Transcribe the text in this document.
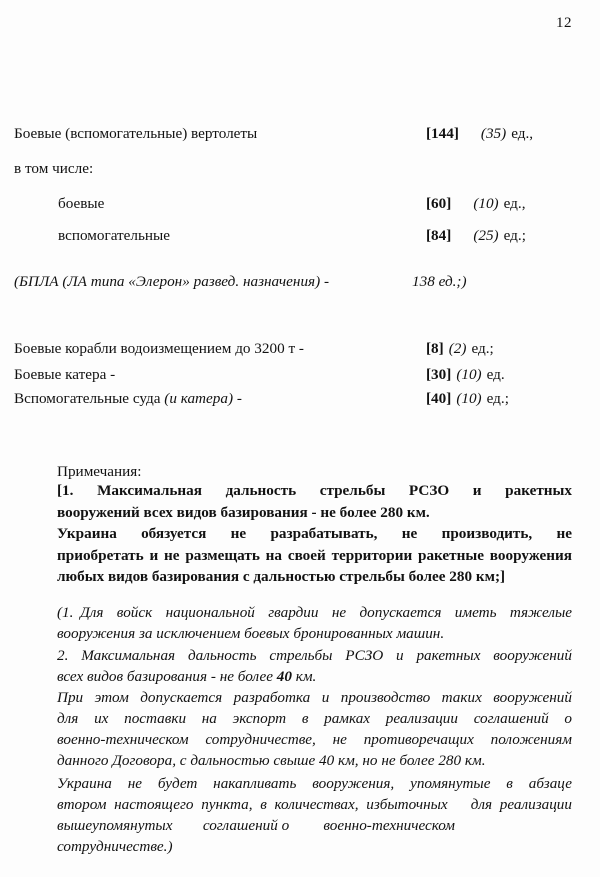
12
Боевые (вспомогательные) вертолеты	[144] (35) ед.,
в том числе:
боевые	[60] (10) ед.,
вспомогательные	[84] (25) ед.;
(БПЛА (ЛА типа «Элерон» развед. назначения) -	138 ед.;)
Боевые корабли водоизмещением до 3200 т -	[8] (2) ед.;
Боевые катера -	[30] (10) ед.
Вспомогательные суда (и катера) -	[40] (10) ед.;
Примечания:
[1.  Максимальная  дальность  стрельбы  РСЗО  и  ракетных
вооружений всех видов базирования - не более 280 км.
Украина  обязуется  не  разрабатывать,  не  производить,  не
приобретать и не размещать на своей территории ракетные вооружения
любых видов базирования с дальностью стрельбы более 280 км;]
(1. Для  войск  национальной  гвардии  не  допускается  иметь  тяжелые
вооружения за исключением боевых бронированных машин.
2.  Максимальная  дальность  стрельбы  РСЗО  и  ракетных  вооружений
всех видов базирования - не более 40 км.
При этом допускается разработка и производство таких вооружений
для   их   поставки   на   экспорт   в   рамках   реализации   соглашений   о
военно-техническом   сотрудничестве,   не   противоречащих   положениям
данного Договора, с дальностью свыше 40 км, но не более 280 км.
Украина  не  будет  накапливать  вооружения,  упомянутые  в  абзаце
втором настоящего пункта, в количествах, избыточных   для реализации
вышеупомянутых        соглашений о         военно-техническом
сотрудничестве.)
